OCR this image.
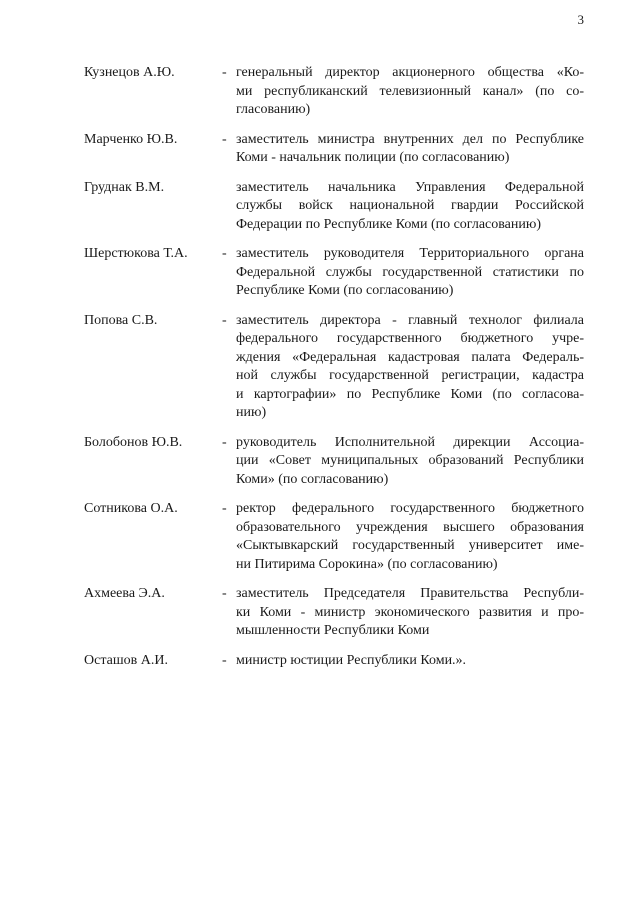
3
Кузнецов А.Ю.	- генеральный директор акционерного общества «Ко-
ми республиканский телевизионный канал» (по со-
гласованию)
Марченко Ю.В.	- заместитель министра внутренних дел по Республике
Коми - начальник полиции (по согласованию)
Груднак В.М.	заместитель начальника Управления Федеральной
службы войск национальной гвардии Российской
Федерации по Республике Коми (по согласованию)
Шерстюкова Т.А.	- заместитель руководителя Территориального органа
Федеральной службы государственной статистики по
Республике Коми (по согласованию)
Попова С.В.	- заместитель директора - главный технолог филиала
федерального государственного бюджетного учре-
ждения «Федеральная кадастровая палата Федераль-
ной службы государственной регистрации, кадастра
и картографии» по Республике Коми (по согласова-
нию)
Болобонов Ю.В.	- руководитель Исполнительной дирекции Ассоциа-
ции «Совет муниципальных образований Республики
Коми» (по согласованию)
Сотникова О.А.	- ректор федерального государственного бюджетного
образовательного учреждения высшего образования
«Сыктывкарский государственный университет име-
ни Питирима Сорокина» (по согласованию)
Ахмеева Э.А.	- заместитель Председателя Правительства Республи-
ки Коми - министр экономического развития и про-
мышленности Республики Коми
Осташов А.И.	- министр юстиции Республики Коми.».
